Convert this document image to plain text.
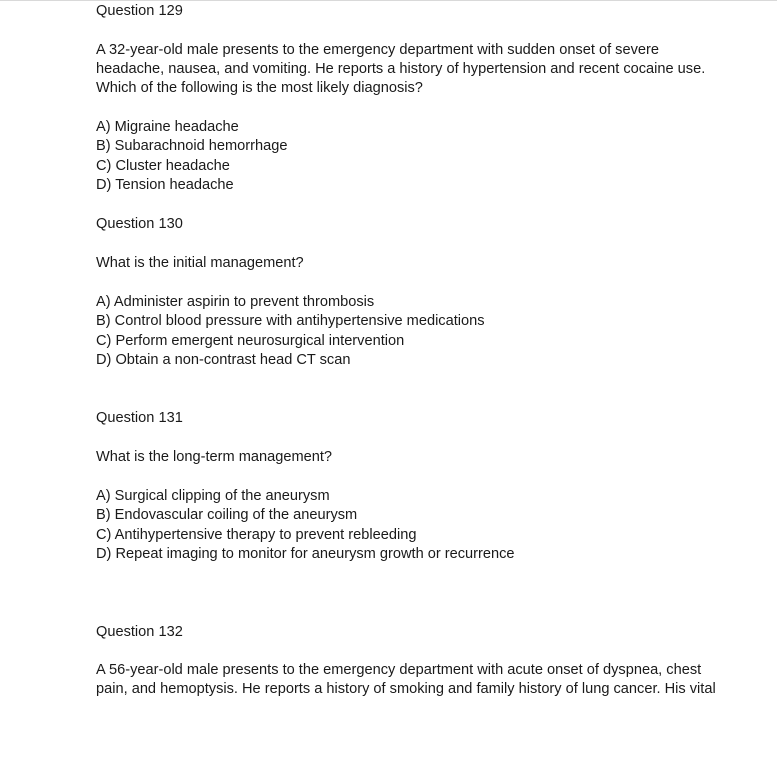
Question 129
A 32-year-old male presents to the emergency department with sudden onset of severe
headache, nausea, and vomiting. He reports a history of hypertension and recent cocaine use.
Which of the following is the most likely diagnosis?
A) Migraine headache
B) Subarachnoid hemorrhage
C) Cluster headache
D) Tension headache
Question 130
What is the initial management?
A) Administer aspirin to prevent thrombosis
B) Control blood pressure with antihypertensive medications
C) Perform emergent neurosurgical intervention
D) Obtain a non-contrast head CT scan
Question 131
What is the long-term management?
A) Surgical clipping of the aneurysm
B) Endovascular coiling of the aneurysm
C) Antihypertensive therapy to prevent rebleeding
D) Repeat imaging to monitor for aneurysm growth or recurrence
Question 132
A 56-year-old male presents to the emergency department with acute onset of dyspnea, chest
pain, and hemoptysis. He reports a history of smoking and family history of lung cancer. His vital
